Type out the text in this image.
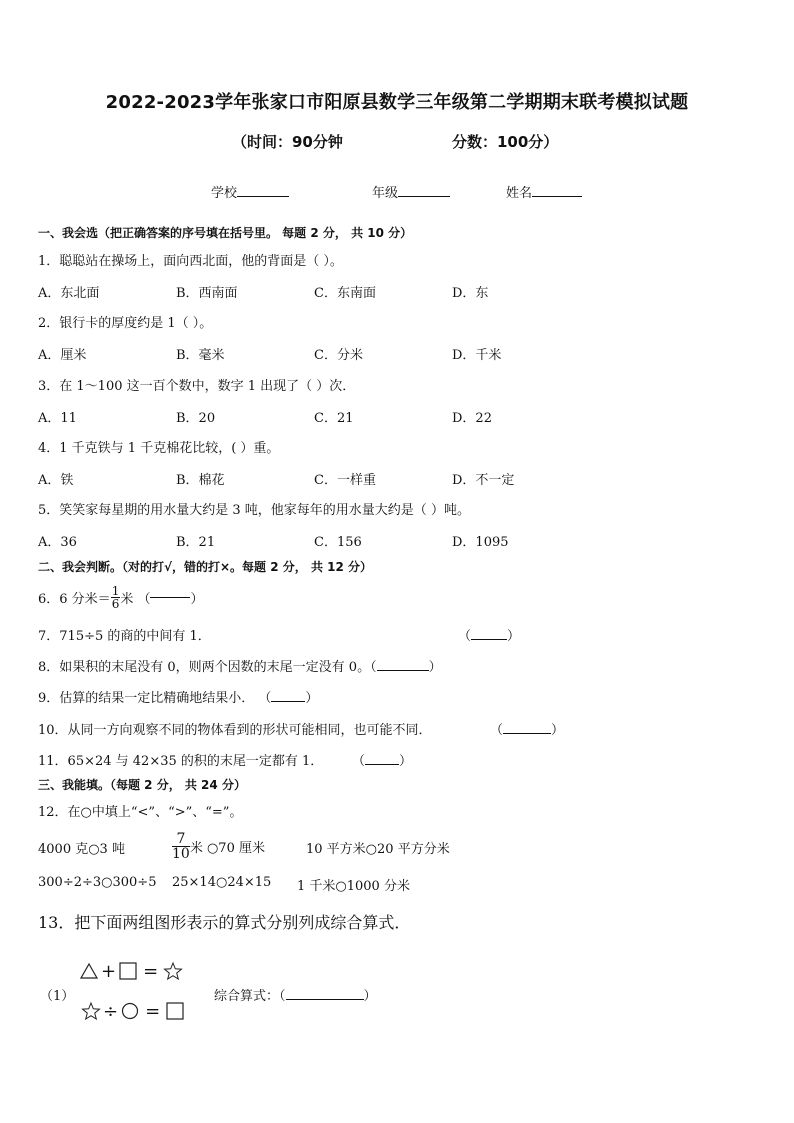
2022-2023学年张家口市阳原县数学三年级第二学期期末联考模拟试题
（时间：90分钟	分数：100分）
学校	年级	姓名
一、我会选（把正确答案的序号填在括号里。 每题 2 分， 共 10 分）
1．聪聪站在操场上，面向西北面，他的背面是（ ）。
A．东北面	B．西南面	C．东南面	D．东
2．银行卡的厚度约是 1（ ）。
A．厘米	B．毫米	C．分米	D．千米
3．在 1～100 这一百个数中，数字 1 出现了（ ）次．
A．11	B．20	C．21	D．22
4．1 千克铁与 1 千克棉花比较，( ）重。
A．铁	B．棉花	C．一样重	D．不一定
5．笑笑家每星期的用水量大约是 3 吨，他家每年的用水量大约是（ ）吨。
A．36	B．21	C．156	D．1095
二、我会判断。（对的打√，错的打×。每题 2 分， 共 12 分）
6．6 分米＝ $\frac{1}{6}$ 米 （	）
7．715÷5 的商的中间有 1．	（	）
8．如果积的末尾没有 0，则两个因数的末尾一定没有 0。（	）
9．估算的结果一定比精确地结果小． （	）
10．从同一方向观察不同的物体看到的形状可能相同，也可能不同．	（	）
11．65×24 与 42×35 的积的末尾一定都有 1． （	）
三、我能填。（每题 2 分， 共 24 分）
12．在○中填上“<”、“>”、“=”。
4000 克○3 吨	$\frac{7}{10}$ 米 ○70 厘米	10 平方米○20 平方分米
300÷2÷3○300÷5 25×14○24×15 1 千米○1000 分米
13．把下面两组图形表示的算式分别列成综合算式．
（1）
+ =
÷ =
综合算式：（	）
